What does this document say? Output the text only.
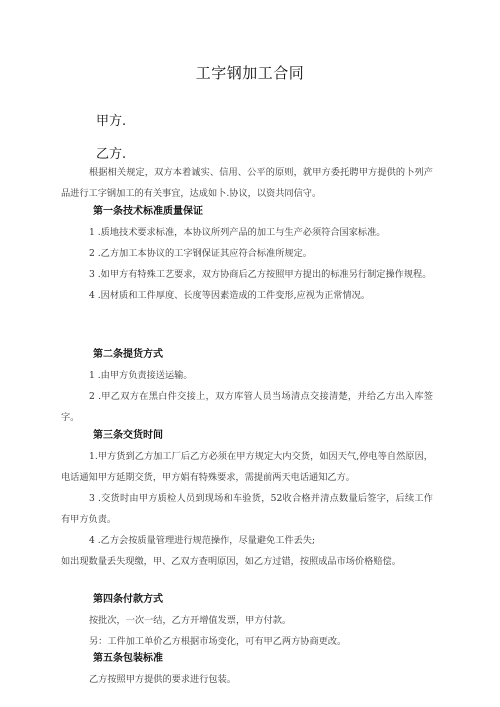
工字钢加工合同
甲方.
乙方.

根据相关规定，双方本着诚实、信用、公平的原则，就甲方委托聘甲方提供的卜列产品进行工字钢加工的有关事宜，达成如卜.协议，以资共同信守。

第一条技术标准质量保证

1 .质地技术要求标准，本协议所列产品的加工与生产必须符合国家标准。

2 .乙方加工本协议的工字钢保证其应符合标准所规定。

3 .如甲方有特殊工艺要求，双方协商后乙方按照甲方提出的标准另行制定操作规程。

4 .因材质和工件厚度、长度等因素造成的工件变形,应视为正常情况。

第二条提货方式

1 .由甲方负责接送运输。

2 .甲乙双方在黑白件交接上，双方库管人员当场清点交接清楚，并给乙方出入库签字。

第三条交货时间

1.甲方货到乙方加工厂后乙方必须在甲方规定大内交货，如因天气,停电等自然原因，电话通知甲方延期交货，甲方娟有特殊要求，需提前两天电话通知乙方。

3 .交货时由甲方质检人员到现场和车验货，52收合格并清点数量后签字，后续工作有甲方负责。

4 .乙方会按质量管理进行规范操作，尽量避免工件丢失;

如出现数量丢失现缴，甲、乙双方查明原因，如乙方过错，按照成品市场价格赔偿。

第四条付款方式

按批次，一次一结，乙方开增值发票，甲方付款。

另：工件加工单价乙方根据市场变化，可有甲乙两方协商更改。

第五条包装标准

乙方按照甲方提供的要求进行包装。
